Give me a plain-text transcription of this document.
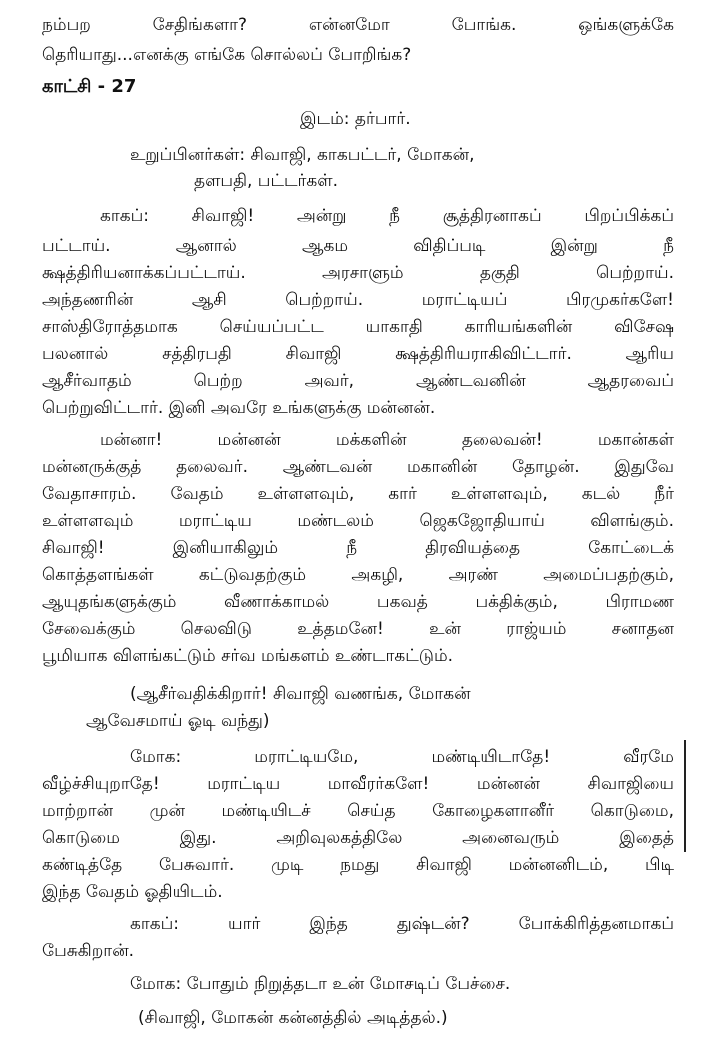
நம்பற சேதிங்களா? என்னமோ போங்க. ஒங்களுக்கே
தெரியாது...எனக்கு எங்கே சொல்லப் போறிங்க?
காட்சி - 27
இடம்: தர்பார்.
உறுப்பினர்கள்: சிவாஜி, காகபட்டர், மோகன்,
தளபதி, பட்டர்கள்.
காகப்: சிவாஜி! அன்று நீ சூத்திரனாகப் பிறப்பிக்கப்
பட்டாய். ஆனால் ஆகம விதிப்படி இன்று நீ
க்ஷத்திரியனாக்கப்பட்டாய். அரசாளும் தகுதி பெற்றாய்.
அந்தணரின் ஆசி பெற்றாய். மராட்டியப் பிரமுகர்களே!
சாஸ்திரோத்தமாக செய்யப்பட்ட யாகாதி காரியங்களின் விசேஷ
பலனால் சத்திரபதி சிவாஜி க்ஷத்திரியராகிவிட்டார். ஆரிய
ஆசீர்வாதம் பெற்ற அவர், ஆண்டவனின் ஆதரவைப்
பெற்றுவிட்டார். இனி அவரே உங்களுக்கு மன்னன்.
மன்னா! மன்னன் மக்களின் தலைவன்! மகான்கள்
மன்னருக்குத் தலைவர். ஆண்டவன் மகானின் தோழன். இதுவே
வேதாசாரம். வேதம் உள்ளளவும், கார் உள்ளளவும், கடல் நீர்
உள்ளளவும் மராட்டிய மண்டலம் ஜெகஜோதியாய் விளங்கும்.
சிவாஜி! இனியாகிலும் நீ திரவியத்தை கோட்டைக்
கொத்தளங்கள் கட்டுவதற்கும் அகழி, அரண் அமைப்பதற்கும்,
ஆயுதங்களுக்கும் வீணாக்காமல் பகவத் பக்திக்கும், பிராமண
சேவைக்கும் செலவிடு உத்தமனே! உன் ராஜ்யம் சனாதன
பூமியாக விளங்கட்டும் சர்வ மங்களம் உண்டாகட்டும்.
(ஆசீர்வதிக்கிறார்! சிவாஜி வணங்க, மோகன்
ஆவேசமாய் ஓடி வந்து)
மோக: மராட்டியமே, மண்டியிடாதே! வீரமே
வீழ்ச்சியுறாதே! மராட்டிய மாவீரர்களே! மன்னன் சிவாஜியை
மாற்றான் முன் மண்டியிடச் செய்த கோழைகளானீர் கொடுமை,
கொடுமை இது. அறிவுலகத்திலே அனைவரும் இதைத்
கண்டித்தே பேசுவார். முடி நமது சிவாஜி மன்னனிடம், பிடி
இந்த வேதம் ஓதியிடம்.
காகப்: யார் இந்த துஷ்டன்? போக்கிரித்தனமாகப்
பேசுகிறான்.
மோக: போதும் நிறுத்தடா உன் மோசடிப் பேச்சை.
(சிவாஜி, மோகன் கன்னத்தில் அடித்தல்.)
